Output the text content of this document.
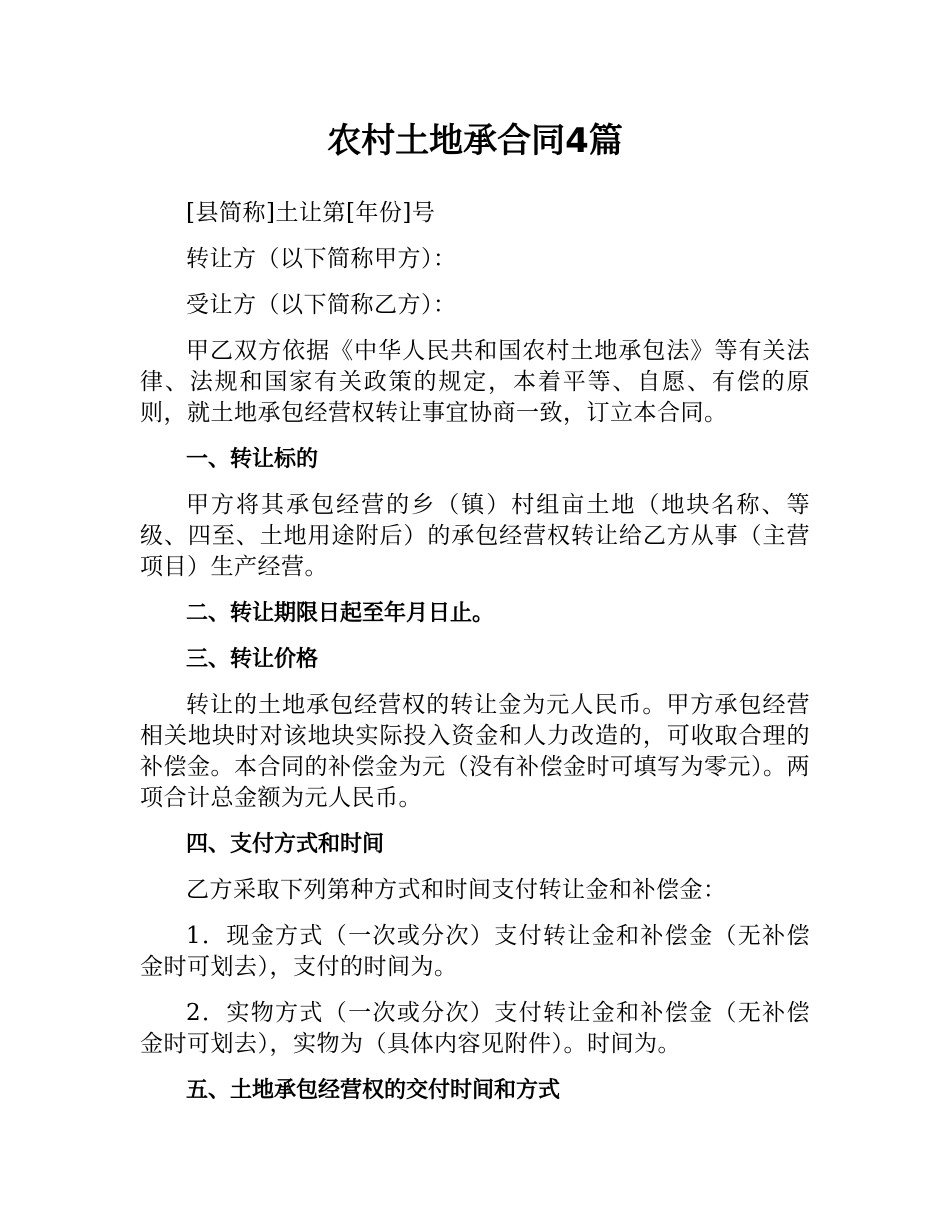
农村土地承合同4篇

[县简称]土让第[年份]号

转让方（以下简称甲方）：

受让方（以下简称乙方）：

甲乙双方依据《中华人民共和国农村土地承包法》等有关法律、法规和国家有关政策的规定，本着平等、自愿、有偿的原则，就土地承包经营权转让事宜协商一致，订立本合同。

一、转让标的

甲方将其承包经营的乡（镇）村组亩土地（地块名称、等级、四至、土地用途附后）的承包经营权转让给乙方从事（主营项目）生产经营。

二、转让期限日起至年月日止。

三、转让价格

转让的土地承包经营权的转让金为元人民币。甲方承包经营相关地块时对该地块实际投入资金和人力改造的，可收取合理的补偿金。本合同的补偿金为元（没有补偿金时可填写为零元）。两项合计总金额为元人民币。

四、支付方式和时间

乙方采取下列第种方式和时间支付转让金和补偿金：

1．现金方式（一次或分次）支付转让金和补偿金（无补偿金时可划去），支付的时间为。

2．实物方式（一次或分次）支付转让金和补偿金（无补偿金时可划去），实物为（具体内容见附件）。时间为。

五、土地承包经营权的交付时间和方式
